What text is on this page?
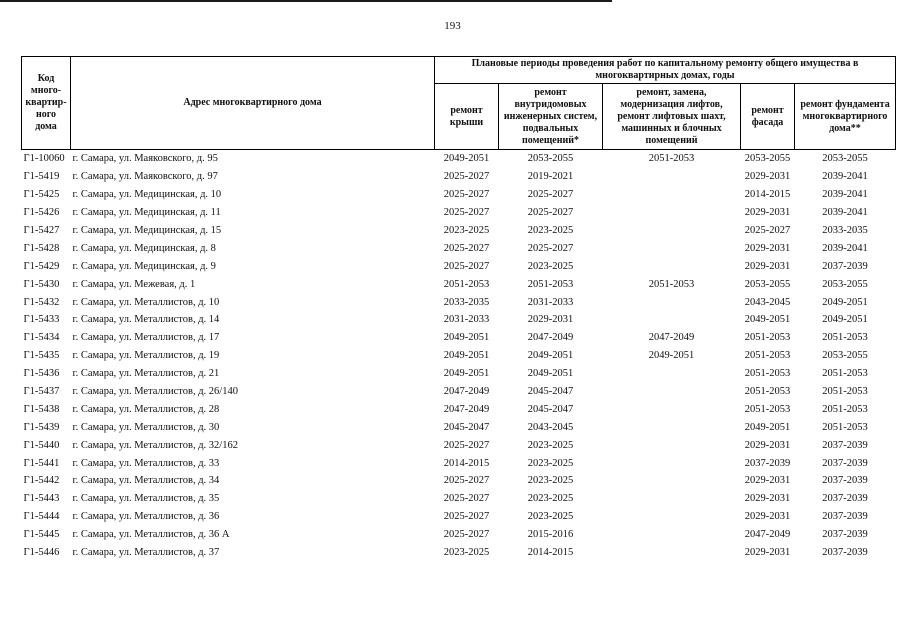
193
Код много-квартир-ного дома	Адрес многоквартирного дома	Плановые периоды проведения работ по капитальному ремонту общего имущества в многоквартирных домах, годы				
		ремонт крыши	ремонт внутридомовых инженерных систем, подвальных помещений*	ремонт, замена, модернизация лифтов, ремонт лифтовых шахт, машинных и блочных помещений	ремонт фасада	ремонт фундамента многоквартирного дома**
Г1-10060	г. Самара, ул. Маяковского, д. 95	2049-2051	2053-2055	2051-2053	2053-2055	2053-2055
Г1-5419	г. Самара, ул. Маяковского, д. 97	2025-2027	2019-2021		2029-2031	2039-2041
Г1-5425	г. Самара, ул. Медицинская, д. 10	2025-2027	2025-2027		2014-2015	2039-2041
Г1-5426	г. Самара, ул. Медицинская, д. 11	2025-2027	2025-2027		2029-2031	2039-2041
Г1-5427	г. Самара, ул. Медицинская, д. 15	2023-2025	2023-2025		2025-2027	2033-2035
Г1-5428	г. Самара, ул. Медицинская, д. 8	2025-2027	2025-2027		2029-2031	2039-2041
Г1-5429	г. Самара, ул. Медицинская, д. 9	2025-2027	2023-2025		2029-2031	2037-2039
Г1-5430	г. Самара, ул. Межевая, д. 1	2051-2053	2051-2053	2051-2053	2053-2055	2053-2055
Г1-5432	г. Самара, ул. Металлистов, д. 10	2033-2035	2031-2033		2043-2045	2049-2051
Г1-5433	г. Самара, ул. Металлистов, д. 14	2031-2033	2029-2031		2049-2051	2049-2051
Г1-5434	г. Самара, ул. Металлистов, д. 17	2049-2051	2047-2049	2047-2049	2051-2053	2051-2053
Г1-5435	г. Самара, ул. Металлистов, д. 19	2049-2051	2049-2051	2049-2051	2051-2053	2053-2055
Г1-5436	г. Самара, ул. Металлистов, д. 21	2049-2051	2049-2051		2051-2053	2051-2053
Г1-5437	г. Самара, ул. Металлистов, д. 26/140	2047-2049	2045-2047		2051-2053	2051-2053
Г1-5438	г. Самара, ул. Металлистов, д. 28	2047-2049	2045-2047		2051-2053	2051-2053
Г1-5439	г. Самара, ул. Металлистов, д. 30	2045-2047	2043-2045		2049-2051	2051-2053
Г1-5440	г. Самара, ул. Металлистов, д. 32/162	2025-2027	2023-2025		2029-2031	2037-2039
Г1-5441	г. Самара, ул. Металлистов, д. 33	2014-2015	2023-2025		2037-2039	2037-2039
Г1-5442	г. Самара, ул. Металлистов, д. 34	2025-2027	2023-2025		2029-2031	2037-2039
Г1-5443	г. Самара, ул. Металлистов, д. 35	2025-2027	2023-2025		2029-2031	2037-2039
Г1-5444	г. Самара, ул. Металлистов, д. 36	2025-2027	2023-2025		2029-2031	2037-2039
Г1-5445	г. Самара, ул. Металлистов, д. 36 А	2025-2027	2015-2016		2047-2049	2037-2039
Г1-5446	г. Самара, ул. Металлистов, д. 37	2023-2025	2014-2015		2029-2031	2037-2039
